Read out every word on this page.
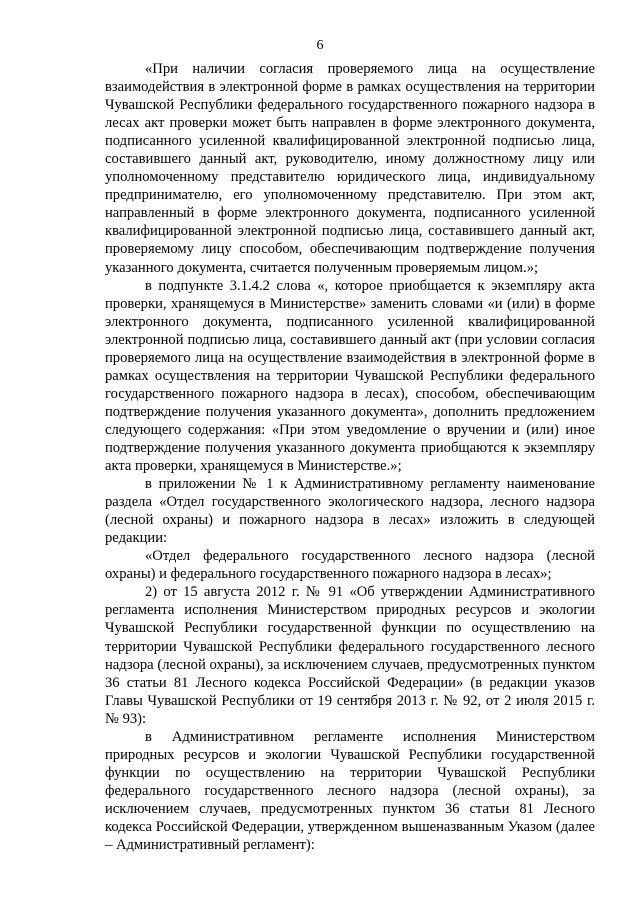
6

«При наличии согласия проверяемого лица на осуществление взаимодействия в электронной форме в рамках осуществления на территории Чувашской Республики федерального государственного пожарного надзора в лесах акт проверки может быть направлен в форме электронного документа, подписанного усиленной квалифицированной электронной подписью лица, составившего данный акт, руководителю, иному должностному лицу или уполномоченному представителю юридического лица, индивидуальному предпринимателю, его уполномоченному представителю. При этом акт, направленный в форме электронного документа, подписанного усиленной квалифицированной электронной подписью лица, составившего данный акт, проверяемому лицу способом, обеспечивающим подтверждение получения указанного документа, считается полученным проверяемым лицом.»;

в подпункте 3.1.4.2 слова «, которое приобщается к экземпляру акта проверки, хранящемуся в Министерстве» заменить словами «и (или) в форме электронного документа, подписанного усиленной квалифицированной электронной подписью лица, составившего данный акт (при условии согласия проверяемого лица на осуществление взаимодействия в электронной форме в рамках осуществления на территории Чувашской Республики федерального государственного пожарного надзора в лесах), способом, обеспечивающим подтверждение получения указанного документа», дополнить предложением следующего содержания: «При этом уведомление о вручении и (или) иное подтверждение получения указанного документа приобщаются к экземпляру акта проверки, хранящемуся в Министерстве.»;

в приложении № 1 к Административному регламенту наименование раздела «Отдел государственного экологического надзора, лесного надзора (лесной охраны) и пожарного надзора в лесах» изложить в следующей редакции:

«Отдел федерального государственного лесного надзора (лесной охраны) и федерального государственного пожарного надзора в лесах»;

2) от 15 августа 2012 г. № 91 «Об утверждении Административного регламента исполнения Министерством природных ресурсов и экологии Чувашской Республики государственной функции по осуществлению на территории Чувашской Республики федерального государственного лесного надзора (лесной охраны), за исключением случаев, предусмотренных пунктом 36 статьи 81 Лесного кодекса Российской Федерации» (в редакции указов Главы Чувашской Республики от 19 сентября 2013 г. № 92, от 2 июля 2015 г. № 93):

в Административном регламенте исполнения Министерством природных ресурсов и экологии Чувашской Республики государственной функции по осуществлению на территории Чувашской Республики федерального государственного лесного надзора (лесной охраны), за исключением случаев, предусмотренных пунктом 36 статьи 81 Лесного кодекса Российской Федерации, утвержденном вышеназванным Указом (далее – Административный регламент):
